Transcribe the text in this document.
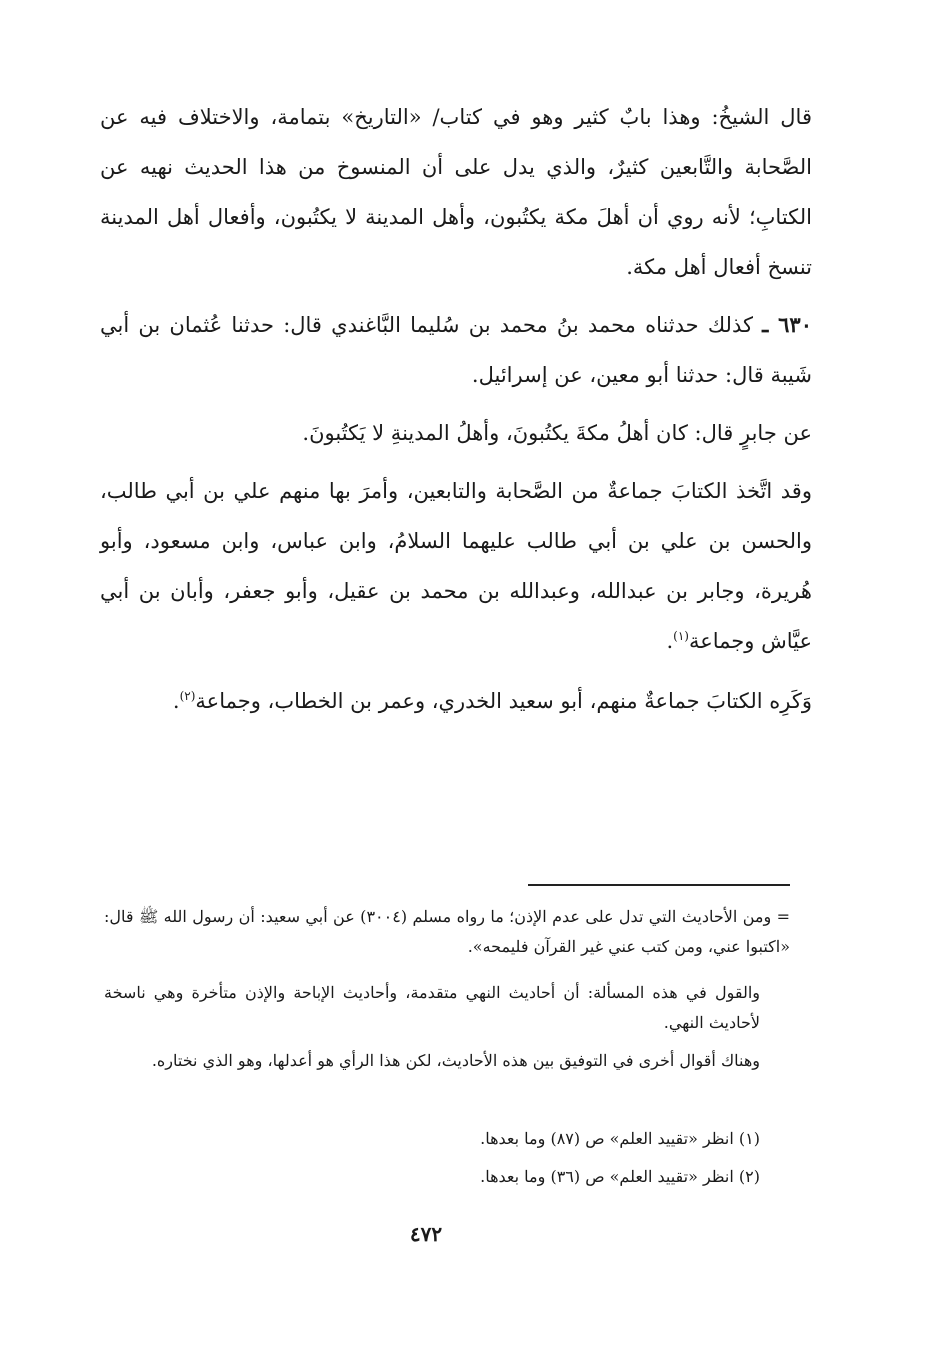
قال الشيخُ: وهذا بابٌ كثير وهو في كتاب/ «التاريخ» بتمامة، والاختلاف فيه عن الصَّحابة والتَّابعين كثيرٌ، والذي يدل على أن المنسوخ من هذا الحديث نهيه عن الكتابِ؛ لأنه روي أن أهلَ مكة يكتُبون، وأهل المدينة لا يكتُبون، وأفعال أهل المدينة تنسخ أفعال أهل مكة.

٦٣٠ ـ كذلك حدثناه محمد بنُ محمد بن سُليما البَّاغندي قال: حدثنا عُثمان بن أبي شَيبة قال: حدثنا أبو معين، عن إسرائيل.

عن جابرٍ قال: كان أهلُ مكةَ يكتُبونَ، وأهلُ المدينةِ لا يَكتُبونَ.

وقد اتَّخذ الكتابَ جماعةٌ من الصَّحابة والتابعين، وأمرَ بها منهم علي بن أبي طالب، والحسن بن علي بن أبي طالب عليهما السلامُ، وابن عباس، وابن مسعود، وأبو هُريرة، وجابر بن عبدالله، وعبدالله بن محمد بن عقيل، وأبو جعفر، وأبان بن أبي عيَّاش وجماعة$^{(١)}$.

وَكَرِه الكتابَ جماعةٌ منهم، أبو سعيد الخدري، وعمر بن الخطاب، وجماعة$^{(٢)}$.

= ومن الأحاديث التي تدل على عدم الإذن؛ ما رواه مسلم (٣٠٠٤) عن أبي سعيد: أن رسول الله ﷺ قال: «اكتبوا عني، ومن كتب عني غير القرآن فليمحه».

والقول في هذه المسألة: أن أحاديث النهي متقدمة، وأحاديث الإباحة والإذن متأخرة وهي ناسخة لأحاديث النهي.

وهناك أقوال أخرى في التوفيق بين هذه الأحاديث، لكن هذا الرأي هو أعدلها، وهو الذي نختاره.

(١) انظر «تقييد العلم» ص (٨٧) وما بعدها.

(٢) انظر «تقييد العلم» ص (٣٦) وما بعدها.

٤٧٢
